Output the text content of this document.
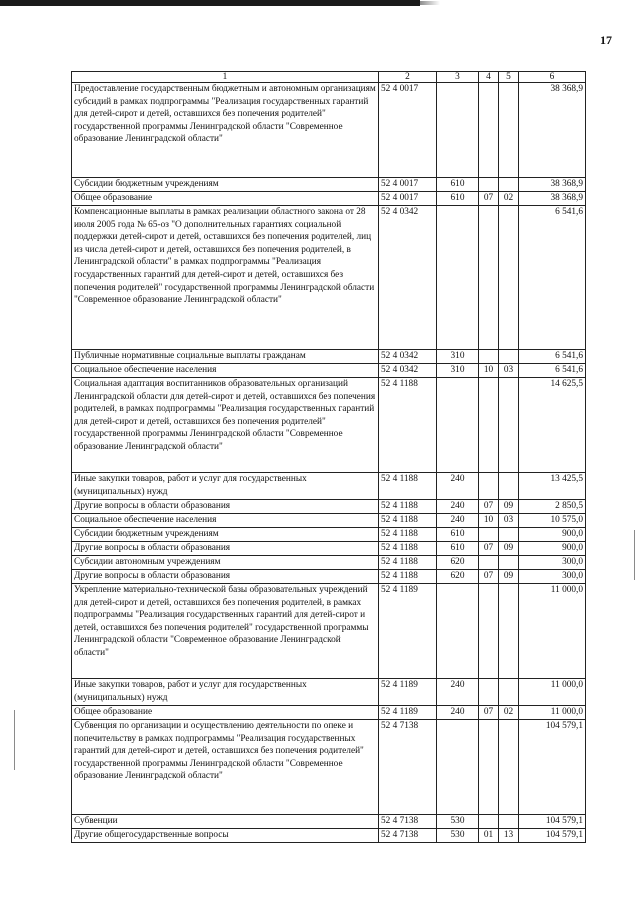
17
1	2	3	4	5	6
Предоставление государственным бюджетным и автономным организациям субсидий в рамках подпрограммы "Реализация государственных гарантий для детей-сирот и детей, оставшихся без попечения родителей" государственной программы Ленинградской области "Современное образование Ленинградской области"	52 4 0017				38 368,9
Субсидии бюджетным учреждениям	52 4 0017	610			38 368,9
Общее образование	52 4 0017	610	07	02	38 368,9
Компенсационные выплаты в рамках реализации областного закона от 28 июля 2005 года № 65-оз "О дополнительных гарантиях социальной поддержки детей-сирот и детей, оставшихся без попечения родителей, лиц из числа детей-сирот и детей, оставшихся без попечения родителей, в Ленинградской области" в рамках подпрограммы "Реализация государственных гарантий для детей-сирот и детей, оставшихся без попечения родителей" государственной программы Ленинградской области "Современное образование Ленинградской области"	52 4 0342				6 541,6
Публичные нормативные социальные выплаты гражданам	52 4 0342	310			6 541,6
Социальное обеспечение населения	52 4 0342	310	10	03	6 541,6
Социальная адаптация воспитанников образовательных организаций Ленинградской области для детей-сирот и детей, оставшихся без попечения родителей, в рамках подпрограммы "Реализация государственных гарантий для детей-сирот и детей, оставшихся без попечения родителей" государственной программы Ленинградской области "Современное образование Ленинградской области"	52 4 1188				14 625,5
Иные закупки товаров, работ и услуг для государственных (муниципальных) нужд	52 4 1188	240			13 425,5
Другие вопросы в области образования	52 4 1188	240	07	09	2 850,5
Социальное обеспечение населения	52 4 1188	240	10	03	10 575,0
Субсидии бюджетным учреждениям	52 4 1188	610			900,0
Другие вопросы в области образования	52 4 1188	610	07	09	900,0
Субсидии автономным учреждениям	52 4 1188	620			300,0
Другие вопросы в области образования	52 4 1188	620	07	09	300,0
Укрепление материально-технической базы образовательных учреждений для детей-сирот и детей, оставшихся без попечения родителей, в рамках подпрограммы "Реализация государственных гарантий для детей-сирот и детей, оставшихся без попечения родителей" государственной программы Ленинградской области "Современное образование Ленинградской области"	52 4 1189				11 000,0
Иные закупки товаров, работ и услуг для государственных (муниципальных) нужд	52 4 1189	240			11 000,0
Общее образование	52 4 1189	240	07	02	11 000,0
Субвенция по организации и осуществлению деятельности по опеке и попечительству в рамках подпрограммы "Реализация государственных гарантий для детей-сирот и детей, оставшихся без попечения родителей" государственной программы Ленинградской области "Современное образование Ленинградской области"	52 4 7138				104 579,1
Субвенции	52 4 7138	530			104 579,1
Другие общегосударственные вопросы	52 4 7138	530	01	13	104 579,1
